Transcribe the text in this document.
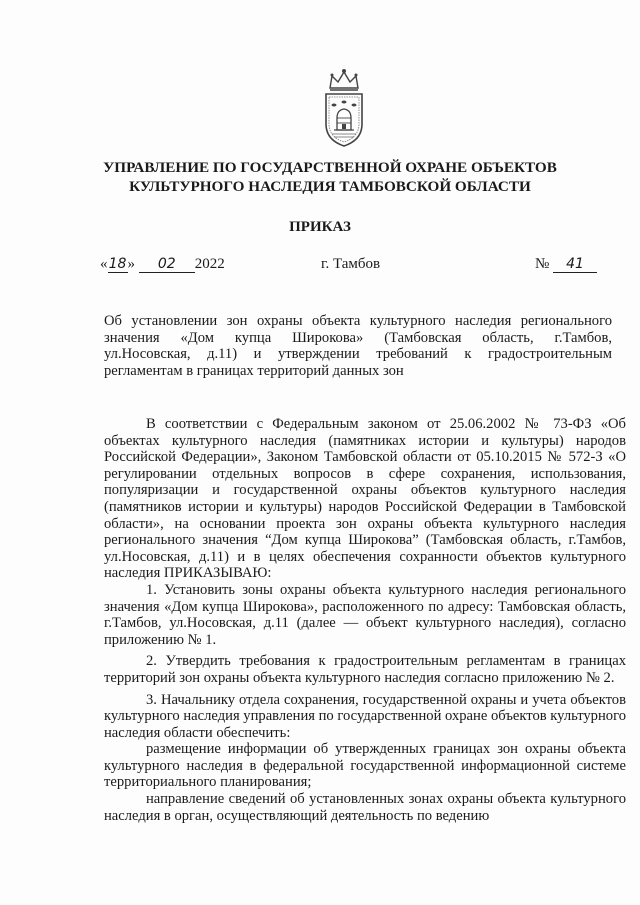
УПРАВЛЕНИЕ ПО ГОСУДАРСТВЕННОЙ ОХРАНЕ ОБЪЕКТОВ
КУЛЬТУРНОГО НАСЛЕДИЯ ТАМБОВСКОЙ ОБЛАСТИ
ПРИКАЗ
«18» 02 2022	г. Тамбов	№ 41
Об установлении зон охраны объекта культурного наследия регионального
значения «Дом купца Широкова» (Тамбовская область, г.Тамбов,
ул.Носовская, д.11) и утверждении требований к градостроительным
регламентам в границах территорий данных зон

В соответствии с Федеральным законом от 25.06.2002 № 73-ФЗ «Об объектах культурного наследия (памятниках истории и культуры) народов Российской Федерации», Законом Тамбовской области от 05.10.2015 № 572-З «О регулировании отдельных вопросов в сфере сохранения, использования, популяризации и государственной охраны объектов культурного наследия (памятников истории и культуры) народов Российской Федерации в Тамбовской области», на основании проекта зон охраны объекта культурного наследия регионального значения “Дом купца Широкова” (Тамбовская область, г.Тамбов, ул.Носовская, д.11) и в целях обеспечения сохранности объектов культурного наследия ПРИКАЗЫВАЮ:

1. Установить зоны охраны объекта культурного наследия регионального значения «Дом купца Широкова», расположенного по адресу: Тамбовская область, г.Тамбов, ул.Носовская, д.11 (далее — объект культурного наследия), согласно приложению № 1.

2. Утвердить требования к градостроительным регламентам в границах территорий зон охраны объекта культурного наследия согласно приложению № 2.

3. Начальнику отдела сохранения, государственной охраны и учета объектов культурного наследия управления по государственной охране объектов культурного наследия области обеспечить:

размещение информации об утвержденных границах зон охраны объекта культурного наследия в федеральной государственной информационной системе территориального планирования;

направление сведений об установленных зонах охраны объекта культурного наследия в орган, осуществляющий деятельность по ведению
